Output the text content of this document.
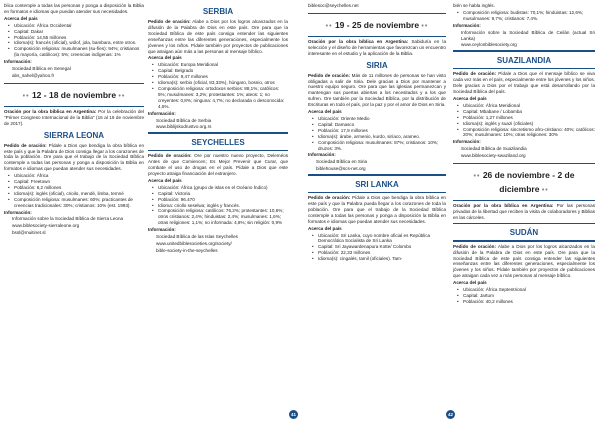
blica contemple a todas las personas y ponga a disposición la Biblia en formatos e idiomas que puedan atender sus necesidades.

Acerca del país

• Ubicación: África Occidental
• Capital: Dakar
• Población: 14,55 millones
• Idioma(s): francés (oficial), wólof, jola, bambara, entre otros.
• Composición religiosa: musulmanes (su-fíes): 94%; cristianos (la mayoría, católicos): 5%; creencias indígenas: 1%

Información:

Sociedad Bíblica en Senegal

abs_sahel@yahoo.fr

•• 12 - 18 de noviembre ••

Oración por la obra bíblica en Argentina: Por la celebración del "Primer Congreso Internacional de la Biblia" (16 al 19 de noviembre de 2017).

SIERRA LEONA

Pedido de oración: Pídale a Dios que bendiga la obra bíblica en este país y que la Palabra de Dios consiga llegar a los corazones de toda la población. Ore para que el trabajo de la Sociedad Bíblica contemple a todas las personas y ponga a disposición la Biblia en formatos e idiomas que puedan atender sus necesidades.

• Ubicación: África
• Capital: Freetown
• Población: 6,2 millones
• Idioma(s): inglés (oficial), crioilo, mendé, limba, temné
• Composición religiosa: musulmanes: 60%; practicantes de creencias tradicionales: 30%; cristianos: 10% (est. 1993).

Información:

Información sobre la Sociedad Bíblica de Sierra Leona

www.biblesociety-sierraleone.org

bssl@muitinet.sl

SERBIA

Pedido de oración: Alabe a Dios por los logros alcanzados en la difusión de la Palabra de Dios en este país. Ore para que la Sociedad Bíblica de este país consiga entender las siguientes enseñanzas entre las diferentes generaciones, especialmente los jóvenes y los niños. Pídale también por proyectos de publicaciones que atraigan aún más a las personas al mensaje bíblico.

Acerca del país

• Ubicación: Europa Meridional
• Capital: Belgrado
• Población: 9,47 millones
• Idioma(s): serbio (oficial, 83,33%), húngaro, bosnio, otros
• Composición religiosa: ortodoxos serbios: 88,1%; católicos: 5%; musulmanes: 3,2%; protestantes: 1%; ateos: 1; no creyentes: 0,8%; ninguna: 4,7%; no declarada o desconocida: 4,5%.

Información:

Sociedad Bíblica de Serbia

www.biblijskodrustvo.org.rs

SEYCHELLES

Pedido de oración: Ore por nuestro nuevo proyecto, Deleméos Antes de que Comiencen; Es Mejor Prevenir que Curar, que combate el uso de drogas en el país. Pídale a Dios que este proyecto atraiga financiación del extranjero.

Acerca del país

• Ubicación: África (grupo de islas en el Océano Índico)
• Capital: Victoria
• Población: 96.470
• Idioma: criollo seselwa; inglés y francés.
• Composición religiosa: católicos: 76,2%; protestantes: 10,6%; otros cristianos: 2,4%; hinduistas: 2,4%; musulmanes: 1,6%; otras religiones: 1,1%; no informada: 4,8%; sin religión: 0,9%

Información:

Sociedad Bíblica de las Islas Seychelles

www.unitedbiblesocieties.org/society/

bible-society-in-the-seychelles

41

biblesoc@seychelles.net

•• 19 - 25 de noviembre ••

Oración por la obra bíblica en Argentina: Sabiduría en la selección y el diseño de herramientas que favorezcan un encuentro interesante en el estudio y la aplicación de la Biblia.

SIRIA

Pedido de oración: Más de 11 millones de personas se han visto obligadas a salir de Siria. Dele gracias a Dios por mantener a nuestro equipo seguro. Ore para que las iglesias permanezcan y mantengan sus puertas abiertas a los necesitados y a los que sufren. Ore también por la Sociedad Bíblica, por la distribución de Escrituras en todo el país, por la paz y por el amor de Dios en Siria.

Acerca del país

• Ubicación: Oriente Medio
• Capital: Damasco
• Población: 17,9 millones
• Idioma(s): árabe, armenio, kurdo, siríaco, arameo.
• Composición religiosa: musulmanes: 87%; cristianos: 10%; druzos: 3%.

Información:

Sociedad Bíblica en Siria

biblehouse@scs-net.org

SRI LANKA

Pedido de oración: Pídale a Dios que bendiga la obra bíblica en este país y que la Palabra pueda llegar a los corazones de toda la población. Ore para que el trabajo de la Sociedad Bíblica contemple a todas las personas y ponga a disposición la Biblia en formatos e idiomas que puedan atender sus necesidades.

Acerca del país

• Ubicación: Sri Lanka, cuyo nombre oficial es República Democrática Socialista de Sri Lanka
• Capital: Sri Jayawardenapura Kotte/ Colombo
• Población: 22,33 millones
• Idioma(s): cingalés, tamil (oficiales). Tam-
42

bién se habla inglés.

• Composición religiosa: budistas: 70,1%; hinduistas: 12,6%; musulmanes: 9,7%; cristianos: 7,4%.

Información:

Información sobre la Sociedad Bíblica de Ceilán (actual Sri Lanka)

www.ceylonbiblesociety.org

SUAZILANDIA

Pedido de oración: Pídale a Dios que el mensaje bíblico se viva cada vez más en el país, especialmente entre los jóvenes y los niños. Dele gracias a Dios por el trabajo que está desarrollando por la Sociedad Bíblica del país.

Acerca del país

• Ubicación: África Meridional
• Capital: Mbabane / Lobamba
• Población: 1,27 millones
• Idioma(s): inglés y suazi (oficiales)
• Composición religiosa: sincretismo afro-cristiano: 40%; católicos: 20%; musulmanes: 10%; otras religiones: 30%

Información:

Sociedad Bíblica de Suazilandia

www.biblesociety-swaziland.org

•• 26 de noviembre - 2 de diciembre ••

Oración por la obra bíblica en Argentina: Por las personas privadas de la libertad que reciben la visita de colaboradores y Biblias en las cárceles.

SUDÁN

Pedido de oración: Alabe a Dios por los logros alcanzados en la difusión de la Palabra de Dios en este país. Ore para que la Sociedad Bíblica de este país consiga entender las siguientes enseñanzas entre las diferentes generaciones, especialmente los jóvenes y los niños. Pídale también por proyectos de publicaciones que atraigan cada vez a más personas al mensaje bíblico.

Acerca del país

• Ubicación: África Septentrional
• Capital: Jartum
• Población: 40,2 millones
